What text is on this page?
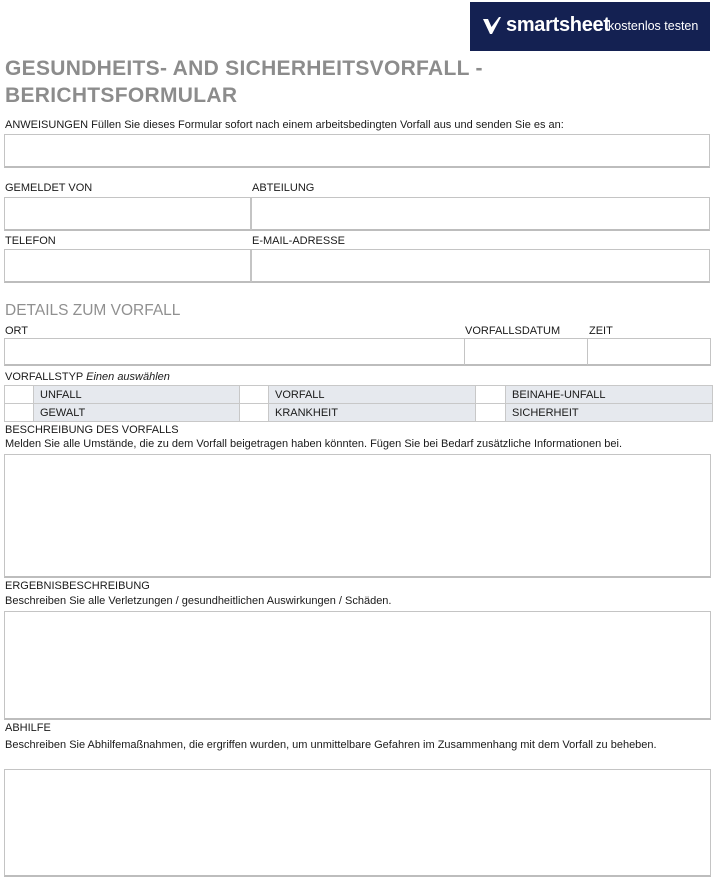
smartsheet
kostenlos testen
GESUNDHEITS- AND SICHERHEITSVORFALL - BERICHTSFORMULAR
ANWEISUNGEN Füllen Sie dieses Formular sofort nach einem arbeitsbedingten Vorfall aus und senden Sie es an:
GEMELDET VON	ABTEILUNG
TELEFON	E-MAIL-ADRESSE
DETAILS ZUM VORFALL
ORT	VORFALLSDATUM	ZEIT
VORFALLSTYP Einen auswählen
	UNFALL		VORFALL		BEINAHE-UNFALL
	GEWALT		KRANKHEIT		SICHERHEIT
BESCHREIBUNG DES VORFALLS
Melden Sie alle Umstände, die zu dem Vorfall beigetragen haben könnten. Fügen Sie bei Bedarf zusätzliche Informationen bei.
ERGEBNISBESCHREIBUNG
Beschreiben Sie alle Verletzungen / gesundheitlichen Auswirkungen / Schäden.
ABHILFE
Beschreiben Sie Abhilfemaßnahmen, die ergriffen wurden, um unmittelbare Gefahren im Zusammenhang mit dem Vorfall zu beheben.
